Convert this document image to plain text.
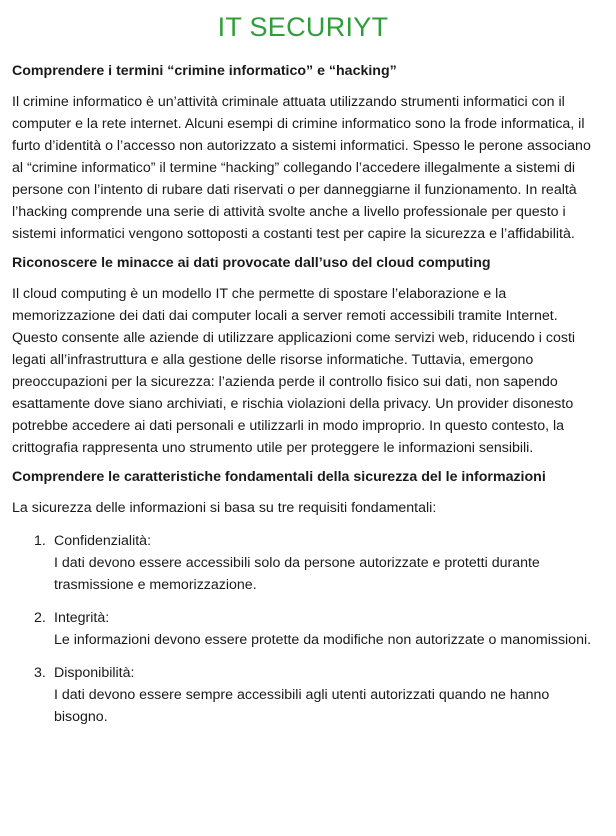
IT SECURIYT
Comprendere i termini “crimine informatico” e “hacking”

Il crimine informatico è un’attività criminale attuata utilizzando strumenti informatici con il computer e la rete internet. Alcuni esempi di crimine informatico sono la frode informatica, il furto d’identità o l’accesso non autorizzato a sistemi informatici. Spesso le perone associano al “crimine informatico” il termine “hacking” collegando l’accedere illegalmente a sistemi di persone con l’intento di rubare dati riservati o per danneggiarne il funzionamento. In realtà l’hacking comprende una serie di attività svolte anche a livello professionale per questo i sistemi informatici vengono sottoposti a costanti test per capire la sicurezza e l’affidabilità.

Riconoscere le minacce ai dati provocate dall’uso del cloud computing

Il cloud computing è un modello IT che permette di spostare l’elaborazione e la memorizzazione dei dati dai computer locali a server remoti accessibili tramite Internet. Questo consente alle aziende di utilizzare applicazioni come servizi web, riducendo i costi legati all’infrastruttura e alla gestione delle risorse informatiche. Tuttavia, emergono preoccupazioni per la sicurezza: l’azienda perde il controllo fisico sui dati, non sapendo esattamente dove siano archiviati, e rischia violazioni della privacy. Un provider disonesto potrebbe accedere ai dati personali e utilizzarli in modo improprio. In questo contesto, la crittografia rappresenta uno strumento utile per proteggere le informazioni sensibili.

Comprendere le caratteristiche fondamentali della sicurezza del le informazioni

La sicurezza delle informazioni si basa su tre requisiti fondamentali:

1. Confidenzialità:
I dati devono essere accessibili solo da persone autorizzate e protetti durante trasmissione e memorizzazione.
2. Integrità:
Le informazioni devono essere protette da modifiche non autorizzate o manomissioni.
3. Disponibilità:
I dati devono essere sempre accessibili agli utenti autorizzati quando ne hanno bisogno.
